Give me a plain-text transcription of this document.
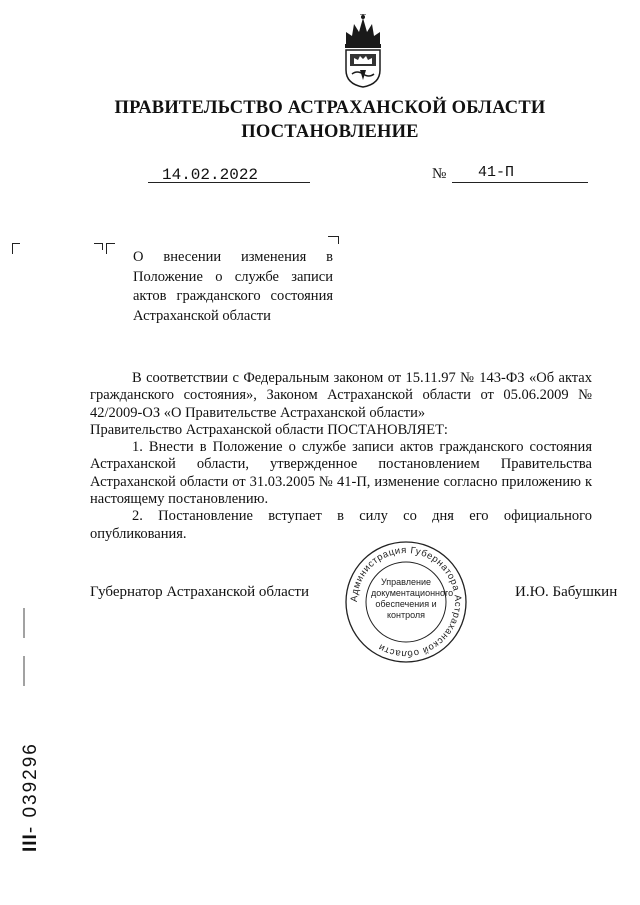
ПРАВИТЕЛЬСТВО АСТРАХАНСКОЙ ОБЛАСТИ
ПОСТАНОВЛЕНИЕ
14.02.2022	№ 41-П
О внесении изменения в Положение о службе записи актов гражданского состояния Астраханской области

В соответствии с Федеральным законом от 15.11.97 № 143-ФЗ «Об актах гражданского состояния», Законом Астраханской области от 05.06.2009 № 42/2009-ОЗ «О Правительстве Астраханской области»

Правительство Астраханской области ПОСТАНОВЛЯЕТ:

1. Внести в Положение о службе записи актов гражданского состояния Астраханской области, утвержденное постановлением Правительства Астраханской области от 31.03.2005 № 41-П, изменение согласно приложению к настоящему постановлению.

2. Постановление вступает в силу со дня его официального опубликования.

Губернатор Астраханской области	И.Ю. Бабушкин
Администрация Губернатора Астраханской области
Управление документационного обеспечения и контроля
III- 039296
